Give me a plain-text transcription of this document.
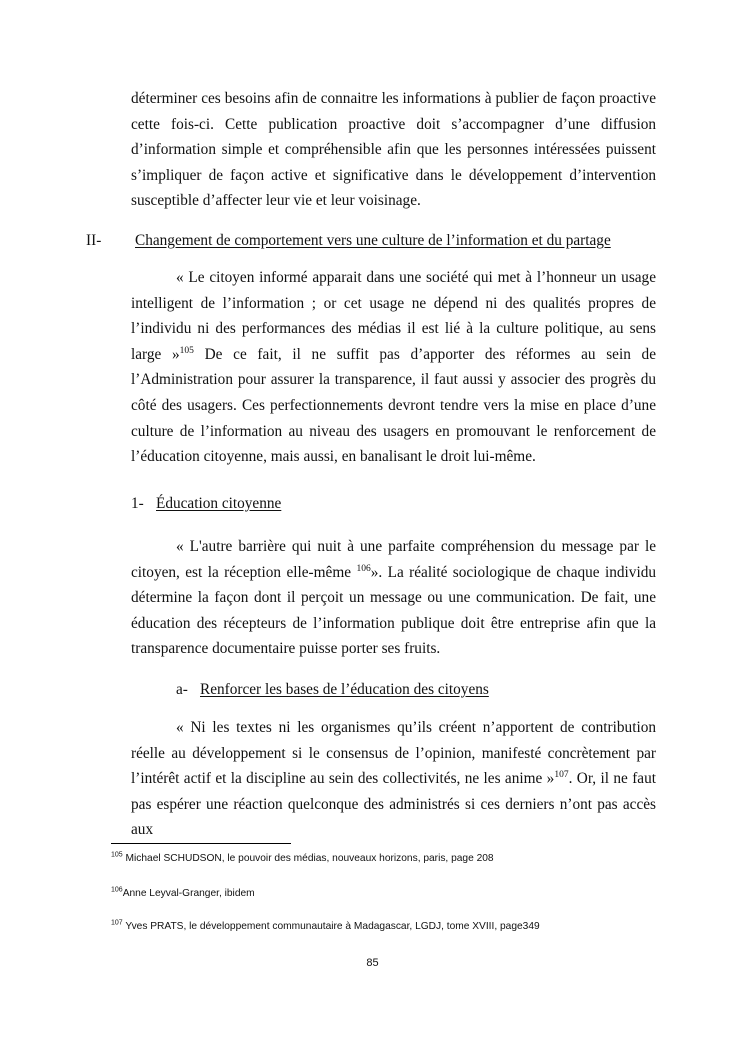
déterminer ces besoins afin de connaitre les informations à publier de façon proactive cette fois-ci. Cette publication proactive doit s’accompagner d’une diffusion d’information simple et compréhensible afin que les personnes intéressées puissent s’impliquer de façon active et significative dans le développement d’intervention susceptible d’affecter leur vie et leur voisinage.

II- Changement de comportement vers une culture de l’information et du partage

« Le citoyen informé apparait dans une société qui met à l’honneur un usage intelligent de l’information ; or cet usage ne dépend ni des qualités propres de l’individu ni des performances des médias il est lié à la culture politique, au sens large »$^{105}$ De ce fait, il ne suffit pas d’apporter des réformes au sein de l’Administration pour assurer la transparence, il faut aussi y associer des progrès du côté des usagers. Ces perfectionnements devront tendre vers la mise en place d’une culture de l’information au niveau des usagers en promouvant le renforcement de l’éducation citoyenne, mais aussi, en banalisant le droit lui-même.

1- Éducation citoyenne

« L'autre barrière qui nuit à une parfaite compréhension du message par le citoyen, est la réception elle-même $^{106}$». La réalité sociologique de chaque individu détermine la façon dont il perçoit un message ou une communication. De fait, une éducation des récepteurs de l’information publique doit être entreprise afin que la transparence documentaire puisse porter ses fruits.

a- Renforcer les bases de l’éducation des citoyens

« Ni les textes ni les organismes qu’ils créent n’apportent de contribution réelle au développement si le consensus de l’opinion, manifesté concrètement par l’intérêt actif et la discipline au sein des collectivités, ne les anime »$^{107}$. Or, il ne faut pas espérer une réaction quelconque des administrés si ces derniers n’ont pas accès aux

$^{105}$ Michael SCHUDSON, le pouvoir des médias, nouveaux horizons, paris, page 208
$^{106}$Anne Leyval-Granger, ibidem
$^{107}$ Yves PRATS, le développement communautaire à Madagascar, LGDJ, tome XVIII, page349
85
